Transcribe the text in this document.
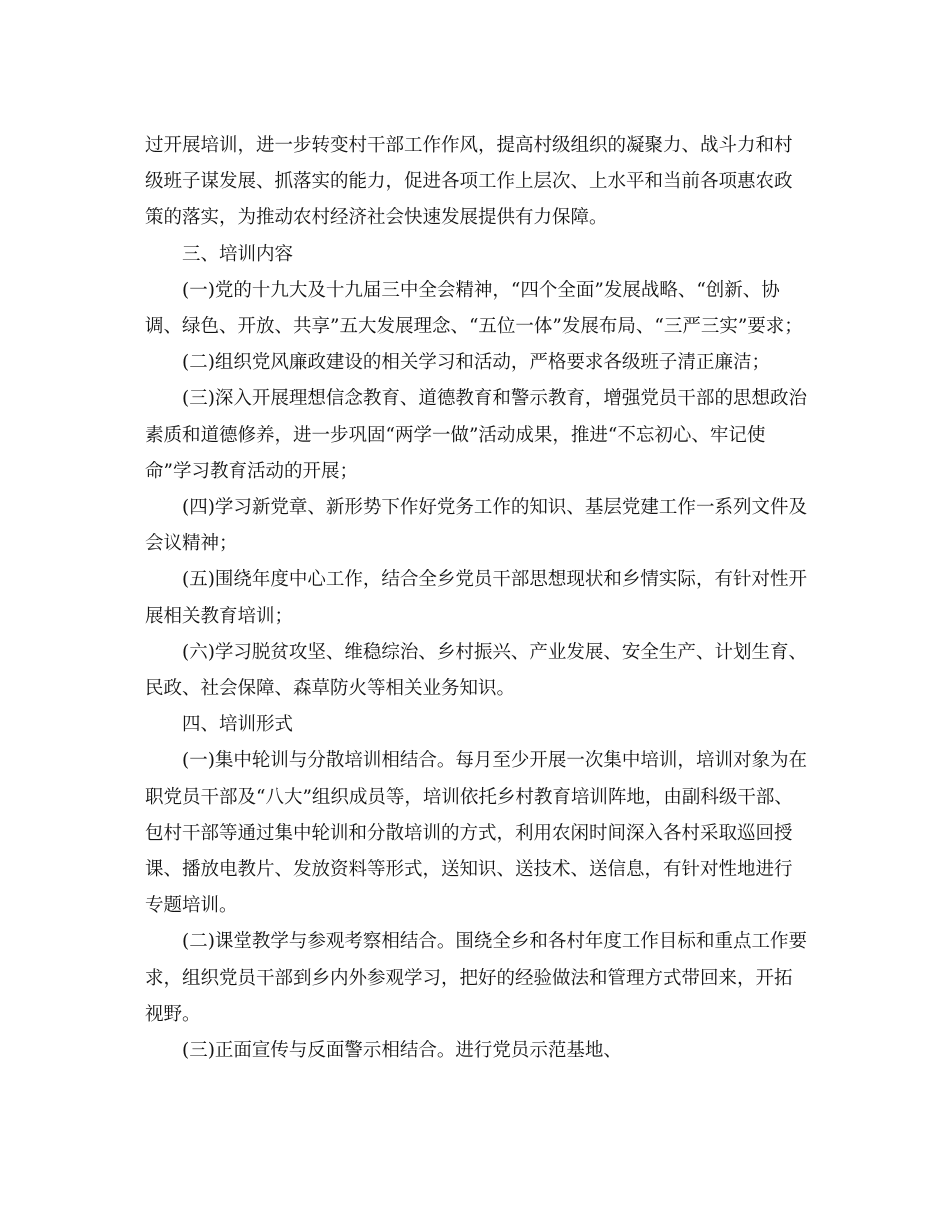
过开展培训，进一步转变村干部工作作风，提高村级组织的凝聚力、战斗力和村级班子谋发展、抓落实的能力，促进各项工作上层次、上水平和当前各项惠农政策的落实，为推动农村经济社会快速发展提供有力保障。

三、培训内容

(一)党的十九大及十九届三中全会精神，“四个全面”发展战略、“创新、协调、绿色、开放、共享”五大发展理念、“五位一体”发展布局、“三严三实”要求；

(二)组织党风廉政建设的相关学习和活动，严格要求各级班子清正廉洁；

(三)深入开展理想信念教育、道德教育和警示教育，增强党员干部的思想政治素质和道德修养，进一步巩固“两学一做”活动成果，推进“不忘初心、牢记使命”学习教育活动的开展；

(四)学习新党章、新形势下作好党务工作的知识、基层党建工作一系列文件及会议精神；

(五)围绕年度中心工作，结合全乡党员干部思想现状和乡情实际，有针对性开展相关教育培训；

(六)学习脱贫攻坚、维稳综治、乡村振兴、产业发展、安全生产、计划生育、民政、社会保障、森草防火等相关业务知识。

四、培训形式

(一)集中轮训与分散培训相结合。每月至少开展一次集中培训，培训对象为在职党员干部及“八大”组织成员等，培训依托乡村教育培训阵地，由副科级干部、包村干部等通过集中轮训和分散培训的方式，利用农闲时间深入各村采取巡回授课、播放电教片、发放资料等形式，送知识、送技术、送信息，有针对性地进行专题培训。

(二)课堂教学与参观考察相结合。围绕全乡和各村年度工作目标和重点工作要求，组织党员干部到乡内外参观学习，把好的经验做法和管理方式带回来，开拓视野。

(三)正面宣传与反面警示相结合。进行党员示范基地、
